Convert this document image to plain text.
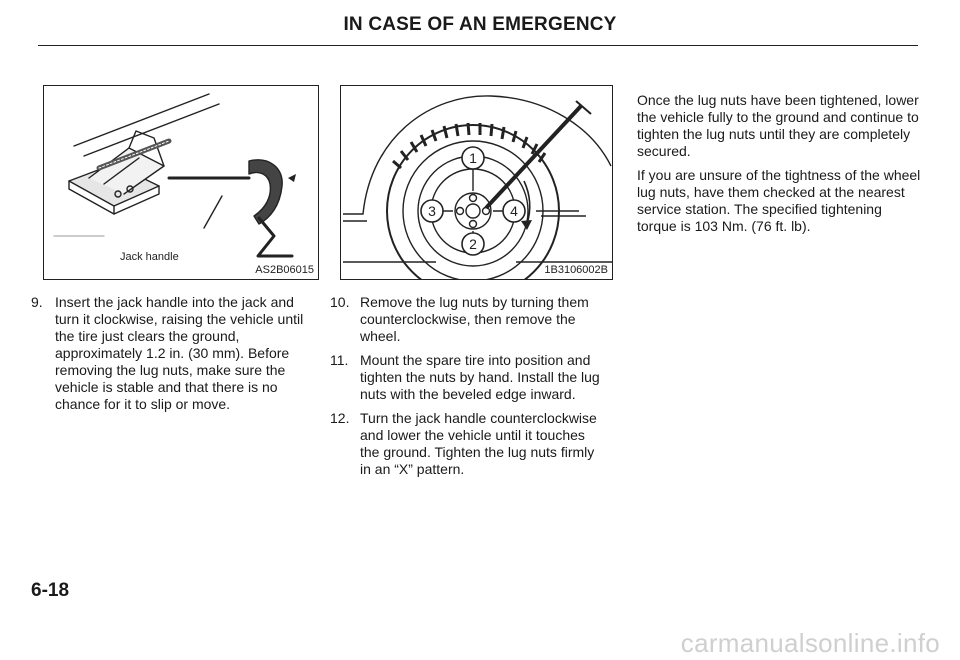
IN CASE OF AN EMERGENCY
Jack handle
AS2B06015
1
2
3	4
1B3106002B
9. Insert the jack handle into the jack and turn it clockwise, raising the vehicle until the tire just clears the ground, approximately 1.2 in. (30 mm). Before removing the lug nuts, make sure the vehicle is stable and that there is no chance for it to slip or move.
10. Remove the lug nuts by turning them counterclockwise, then remove the wheel.
11. Mount the spare tire into position and tighten the nuts by hand. Install the lug nuts with the beveled edge inward.
12. Turn the jack handle counterclockwise and lower the vehicle until it touches the ground. Tighten the lug nuts firmly in an “X” pattern.

Once the lug nuts have been tightened, lower the vehicle fully to the ground and continue to tighten the lug nuts until they are completely secured.

If you are unsure of the tightness of the wheel lug nuts, have them checked at the nearest service station. The specified tightening torque is 103 Nm. (76 ft. lb).

6-18
carmanualsonline.info
